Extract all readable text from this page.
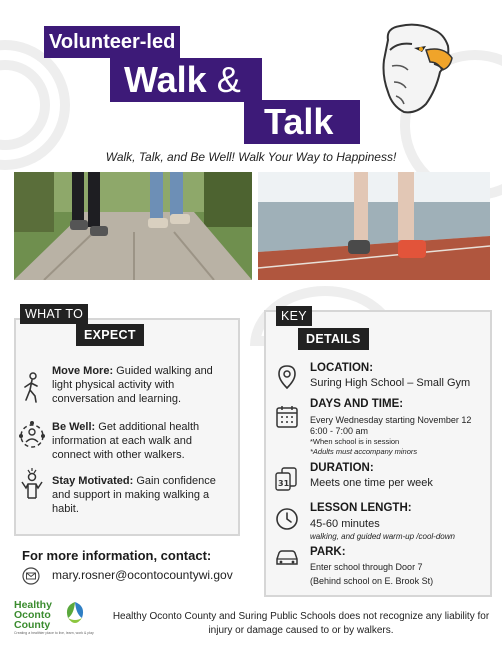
Volunteer-led
Walk &
Talk
Walk, Talk, and Be Well! Walk Your Way to Happiness!
WHAT TO
EXPECT
Move More: Guided walking and light physical activity with conversation and learning.
Be Well: Get additional health information at each walk and connect with other walkers.
Stay Motivated: Gain confidence and support in making walking a habit.
KEY
DETAILS
LOCATION:
Suring High School – Small Gym
DAYS AND TIME:
Every Wednesday starting November 12
6:00 - 7:00 am
*When school is in session
*Adults must accompany minors
31
DURATION:
Meets one time per week
LESSON LENGTH:
45-60 minutes
walking, and guided warm-up /cool-down
PARK:
Enter school through Door 7
(Behind school on E. Brook St)
For more information, contact:
mary.rosner@ocontocountywi.gov
Healthy
Oconto
County
Creating a healthier place to live, learn, work & play
Healthy Oconto County and Suring Public Schools does not recognize any liability for injury or damage caused to or by walkers.
